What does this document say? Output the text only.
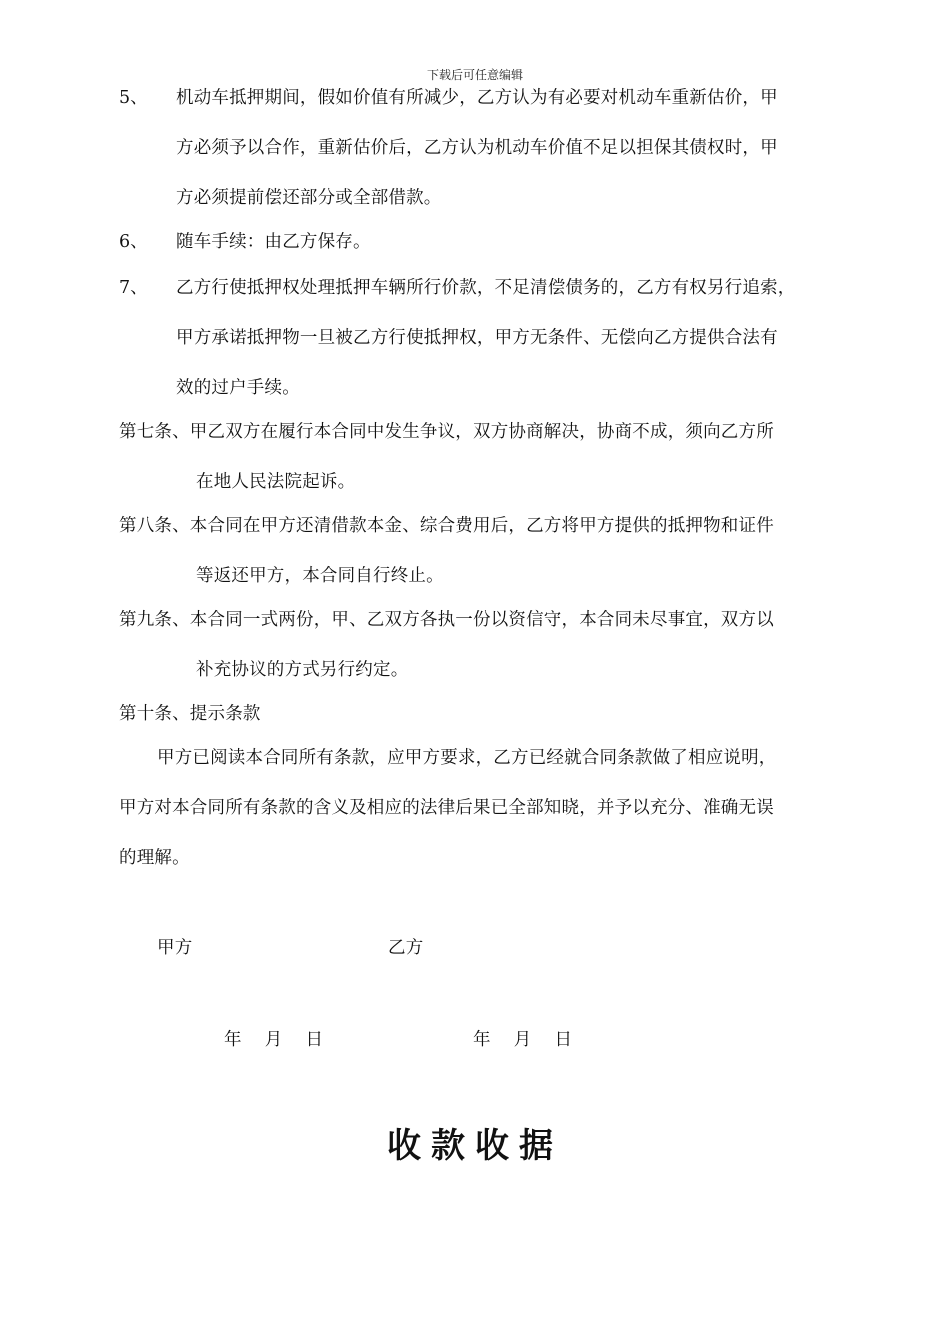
下载后可任意编辑
5、 机动车抵押期间，假如价值有所减少，乙方认为有必要对机动车重新估价，甲
方必须予以合作，重新估价后，乙方认为机动车价值不足以担保其债权时，甲
方必须提前偿还部分或全部借款。
6、 随车手续：由乙方保存。
7、 乙方行使抵押权处理抵押车辆所行价款，不足清偿债务的，乙方有权另行追索，
甲方承诺抵押物一旦被乙方行使抵押权，甲方无条件、无偿向乙方提供合法有
效的过户手续。
第七条、甲乙双方在履行本合同中发生争议，双方协商解决，协商不成，须向乙方所
在地人民法院起诉。
第八条、本合同在甲方还清借款本金、综合费用后，乙方将甲方提供的抵押物和证件
等返还甲方，本合同自行终止。
第九条、本合同一式两份，甲、乙双方各执一份以资信守，本合同未尽事宜，双方以
补充协议的方式另行约定。
第十条、提示条款
甲方已阅读本合同所有条款，应甲方要求，乙方已经就合同条款做了相应说明，
甲方对本合同所有条款的含义及相应的法律后果已全部知晓，并予以充分、准确无误
的理解。
甲方	乙方
年    月    日	年    月    日
收款收据
